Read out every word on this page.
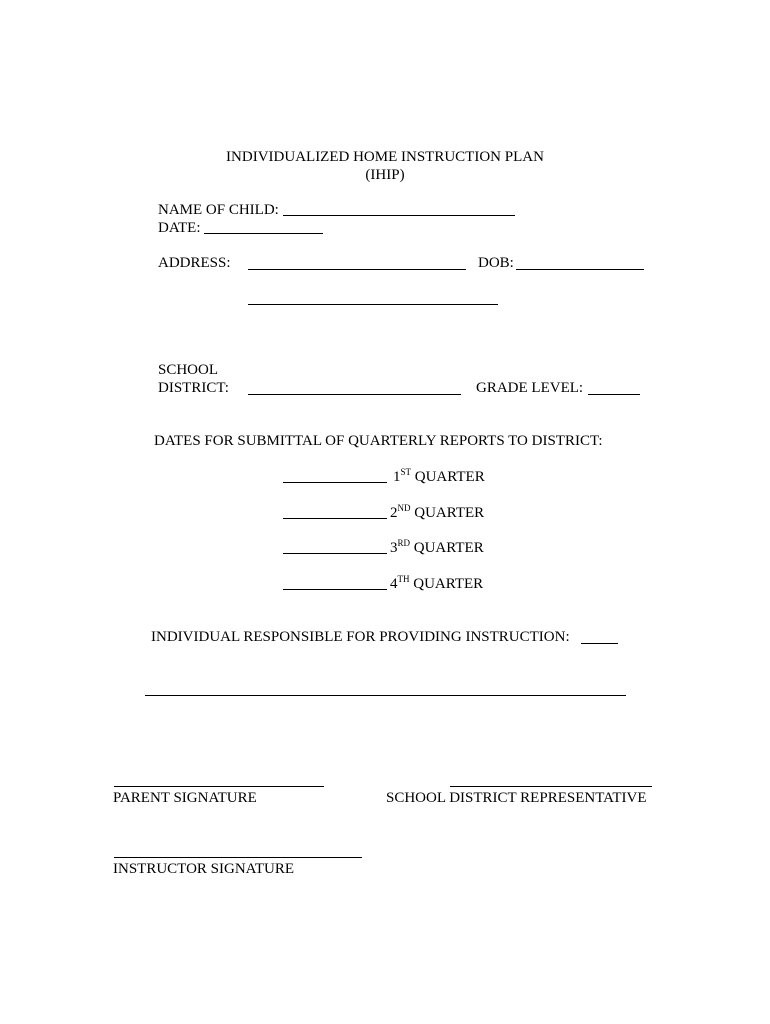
INDIVIDUALIZED HOME INSTRUCTION PLAN
(IHIP)
NAME OF CHILD:
DATE:
ADDRESS:	DOB:
SCHOOL
DISTRICT:	GRADE LEVEL:
DATES FOR SUBMITTAL OF QUARTERLY REPORTS TO DISTRICT:
1ST QUARTER
2ND QUARTER
3RD QUARTER
4TH QUARTER
INDIVIDUAL RESPONSIBLE FOR PROVIDING INSTRUCTION:
PARENT SIGNATURE	SCHOOL DISTRICT REPRESENTATIVE
INSTRUCTOR SIGNATURE
